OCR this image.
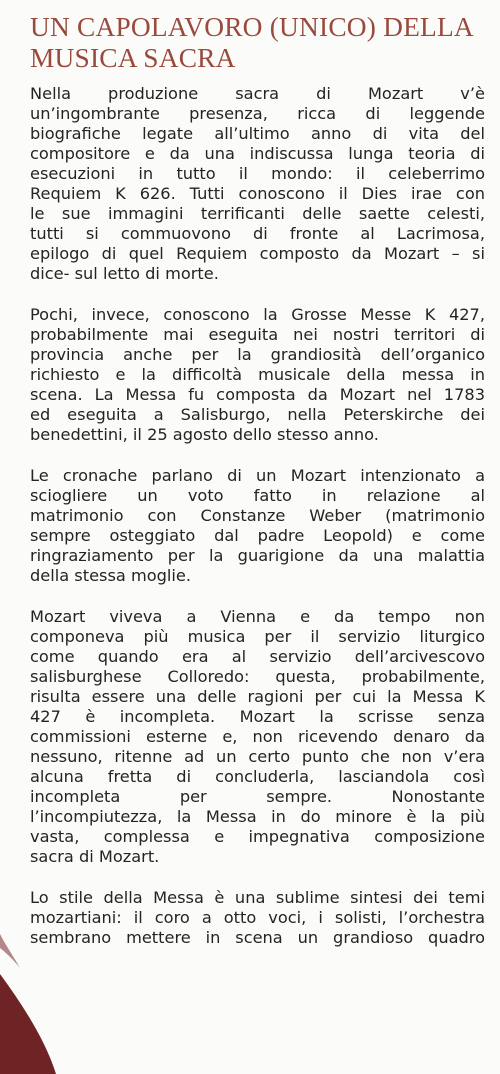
UN CAPOLAVORO (UNICO) DELLA
MUSICA SACRA
Nella produzione sacra di Mozart v’è
un’ingombrante presenza, ricca di leggende
biografiche legate all’ultimo anno di vita del
compositore e da una indiscussa lunga teoria di
esecuzioni in tutto il mondo: il celeberrimo
Requiem K 626. Tutti conoscono il Dies irae con
le sue immagini terrificanti delle saette celesti,
tutti si commuovono di fronte al Lacrimosa,
epilogo di quel Requiem composto da Mozart – si
dice- sul letto di morte.
Pochi, invece, conoscono la Grosse Messe K 427,
probabilmente mai eseguita nei nostri territori di
provincia anche per la grandiosità dell’organico
richiesto e la difficoltà musicale della messa in
scena. La Messa fu composta da Mozart nel 1783
ed eseguita a Salisburgo, nella Peterskirche dei
benedettini, il 25 agosto dello stesso anno.
Le cronache parlano di un Mozart intenzionato a
sciogliere un voto fatto in relazione al
matrimonio con Constanze Weber (matrimonio
sempre osteggiato dal padre Leopold) e come
ringraziamento per la guarigione da una malattia
della stessa moglie.
Mozart viveva a Vienna e da tempo non
componeva più musica per il servizio liturgico
come quando era al servizio dell’arcivescovo
salisburghese Colloredo: questa, probabilmente,
risulta essere una delle ragioni per cui la Messa K
427 è incompleta. Mozart la scrisse senza
commissioni esterne e, non ricevendo denaro da
nessuno, ritenne ad un certo punto che non v’era
alcuna fretta di concluderla, lasciandola così
incompleta per sempre. Nonostante
l’incompiutezza, la Messa in do minore è la più
vasta, complessa e impegnativa composizione
sacra di Mozart.
Lo stile della Messa è una sublime sintesi dei temi
mozartiani: il coro a otto voci, i solisti, l’orchestra
sembrano mettere in scena un grandioso quadro
